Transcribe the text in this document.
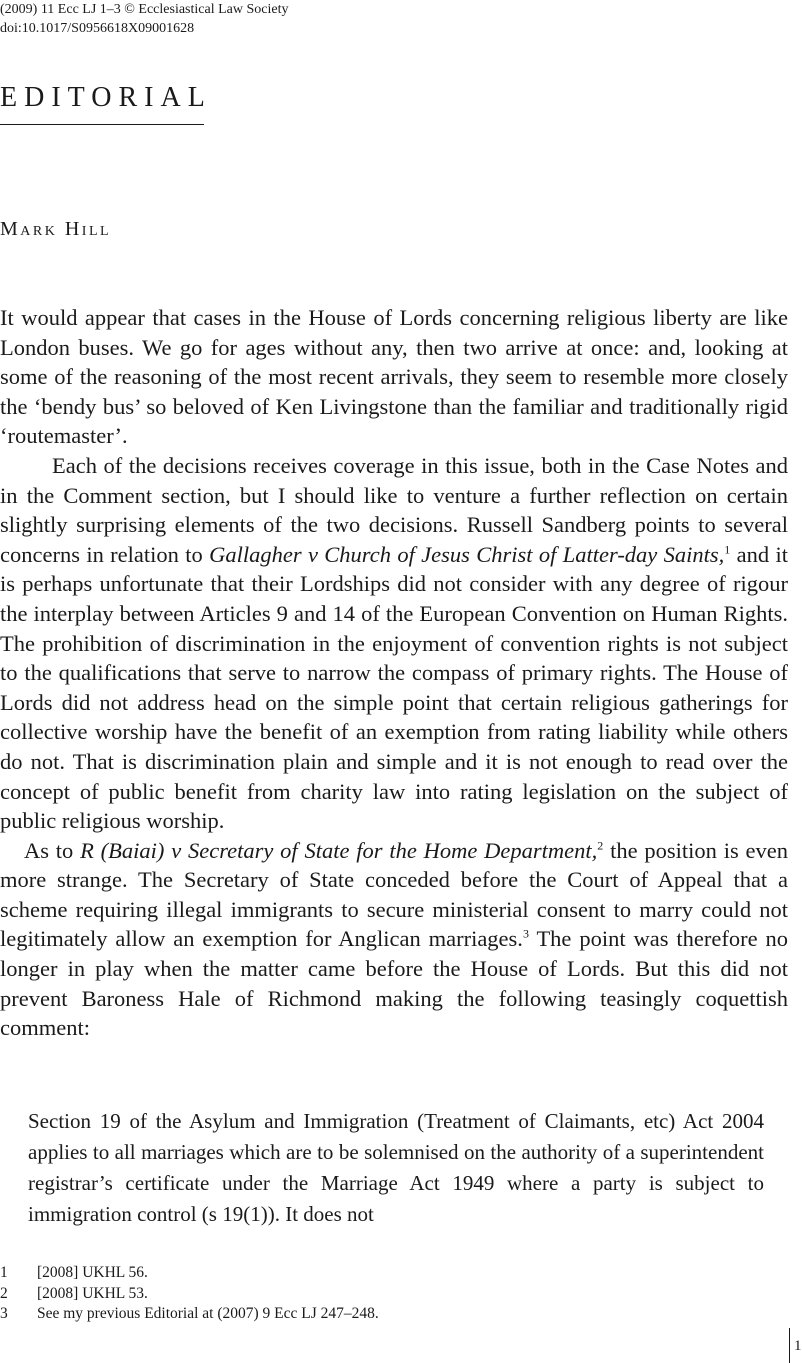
(2009) 11 Ecc LJ 1–3 © Ecclesiastical Law Society
doi:10.1017/S0956618X09001628
EDITORIAL
Mark Hill

It would appear that cases in the House of Lords concerning religious liberty are like London buses. We go for ages without any, then two arrive at once: and, looking at some of the reasoning of the most recent arrivals, they seem to resemble more closely the ‘bendy bus’ so beloved of Ken Livingstone than the familiar and traditionally rigid ‘routemaster’.

Each of the decisions receives coverage in this issue, both in the Case Notes and in the Comment section, but I should like to venture a further reflection on certain slightly surprising elements of the two decisions. Russell Sandberg points to several concerns in relation to Gallagher v Church of Jesus Christ of Latter-day Saints,$^1$ and it is perhaps unfortunate that their Lordships did not consider with any degree of rigour the interplay between Articles 9 and 14 of the European Convention on Human Rights. The prohibition of discrimination in the enjoyment of convention rights is not subject to the qualifications that serve to narrow the compass of primary rights. The House of Lords did not address head on the simple point that certain religious gatherings for collective worship have the benefit of an exemption from rating liability while others do not. That is discrimination plain and simple and it is not enough to read over the concept of public benefit from charity law into rating legislation on the subject of public religious worship.

As to R (Baiai) v Secretary of State for the Home Department,$^2$ the position is even more strange. The Secretary of State conceded before the Court of Appeal that a scheme requiring illegal immigrants to secure ministerial consent to marry could not legitimately allow an exemption for Anglican marriages.$^3$ The point was therefore no longer in play when the matter came before the House of Lords. But this did not prevent Baroness Hale of Richmond making the following teasingly coquettish comment:

Section 19 of the Asylum and Immigration (Treatment of Claimants, etc) Act 2004 applies to all marriages which are to be solemnised on the authority of a superintendent registrar’s certificate under the Marriage Act 1949 where a party is subject to immigration control (s 19(1)). It does not
1	[2008] UKHL 56.
2	[2008] UKHL 53.
3	See my previous Editorial at (2007) 9 Ecc LJ 247–248.
1
